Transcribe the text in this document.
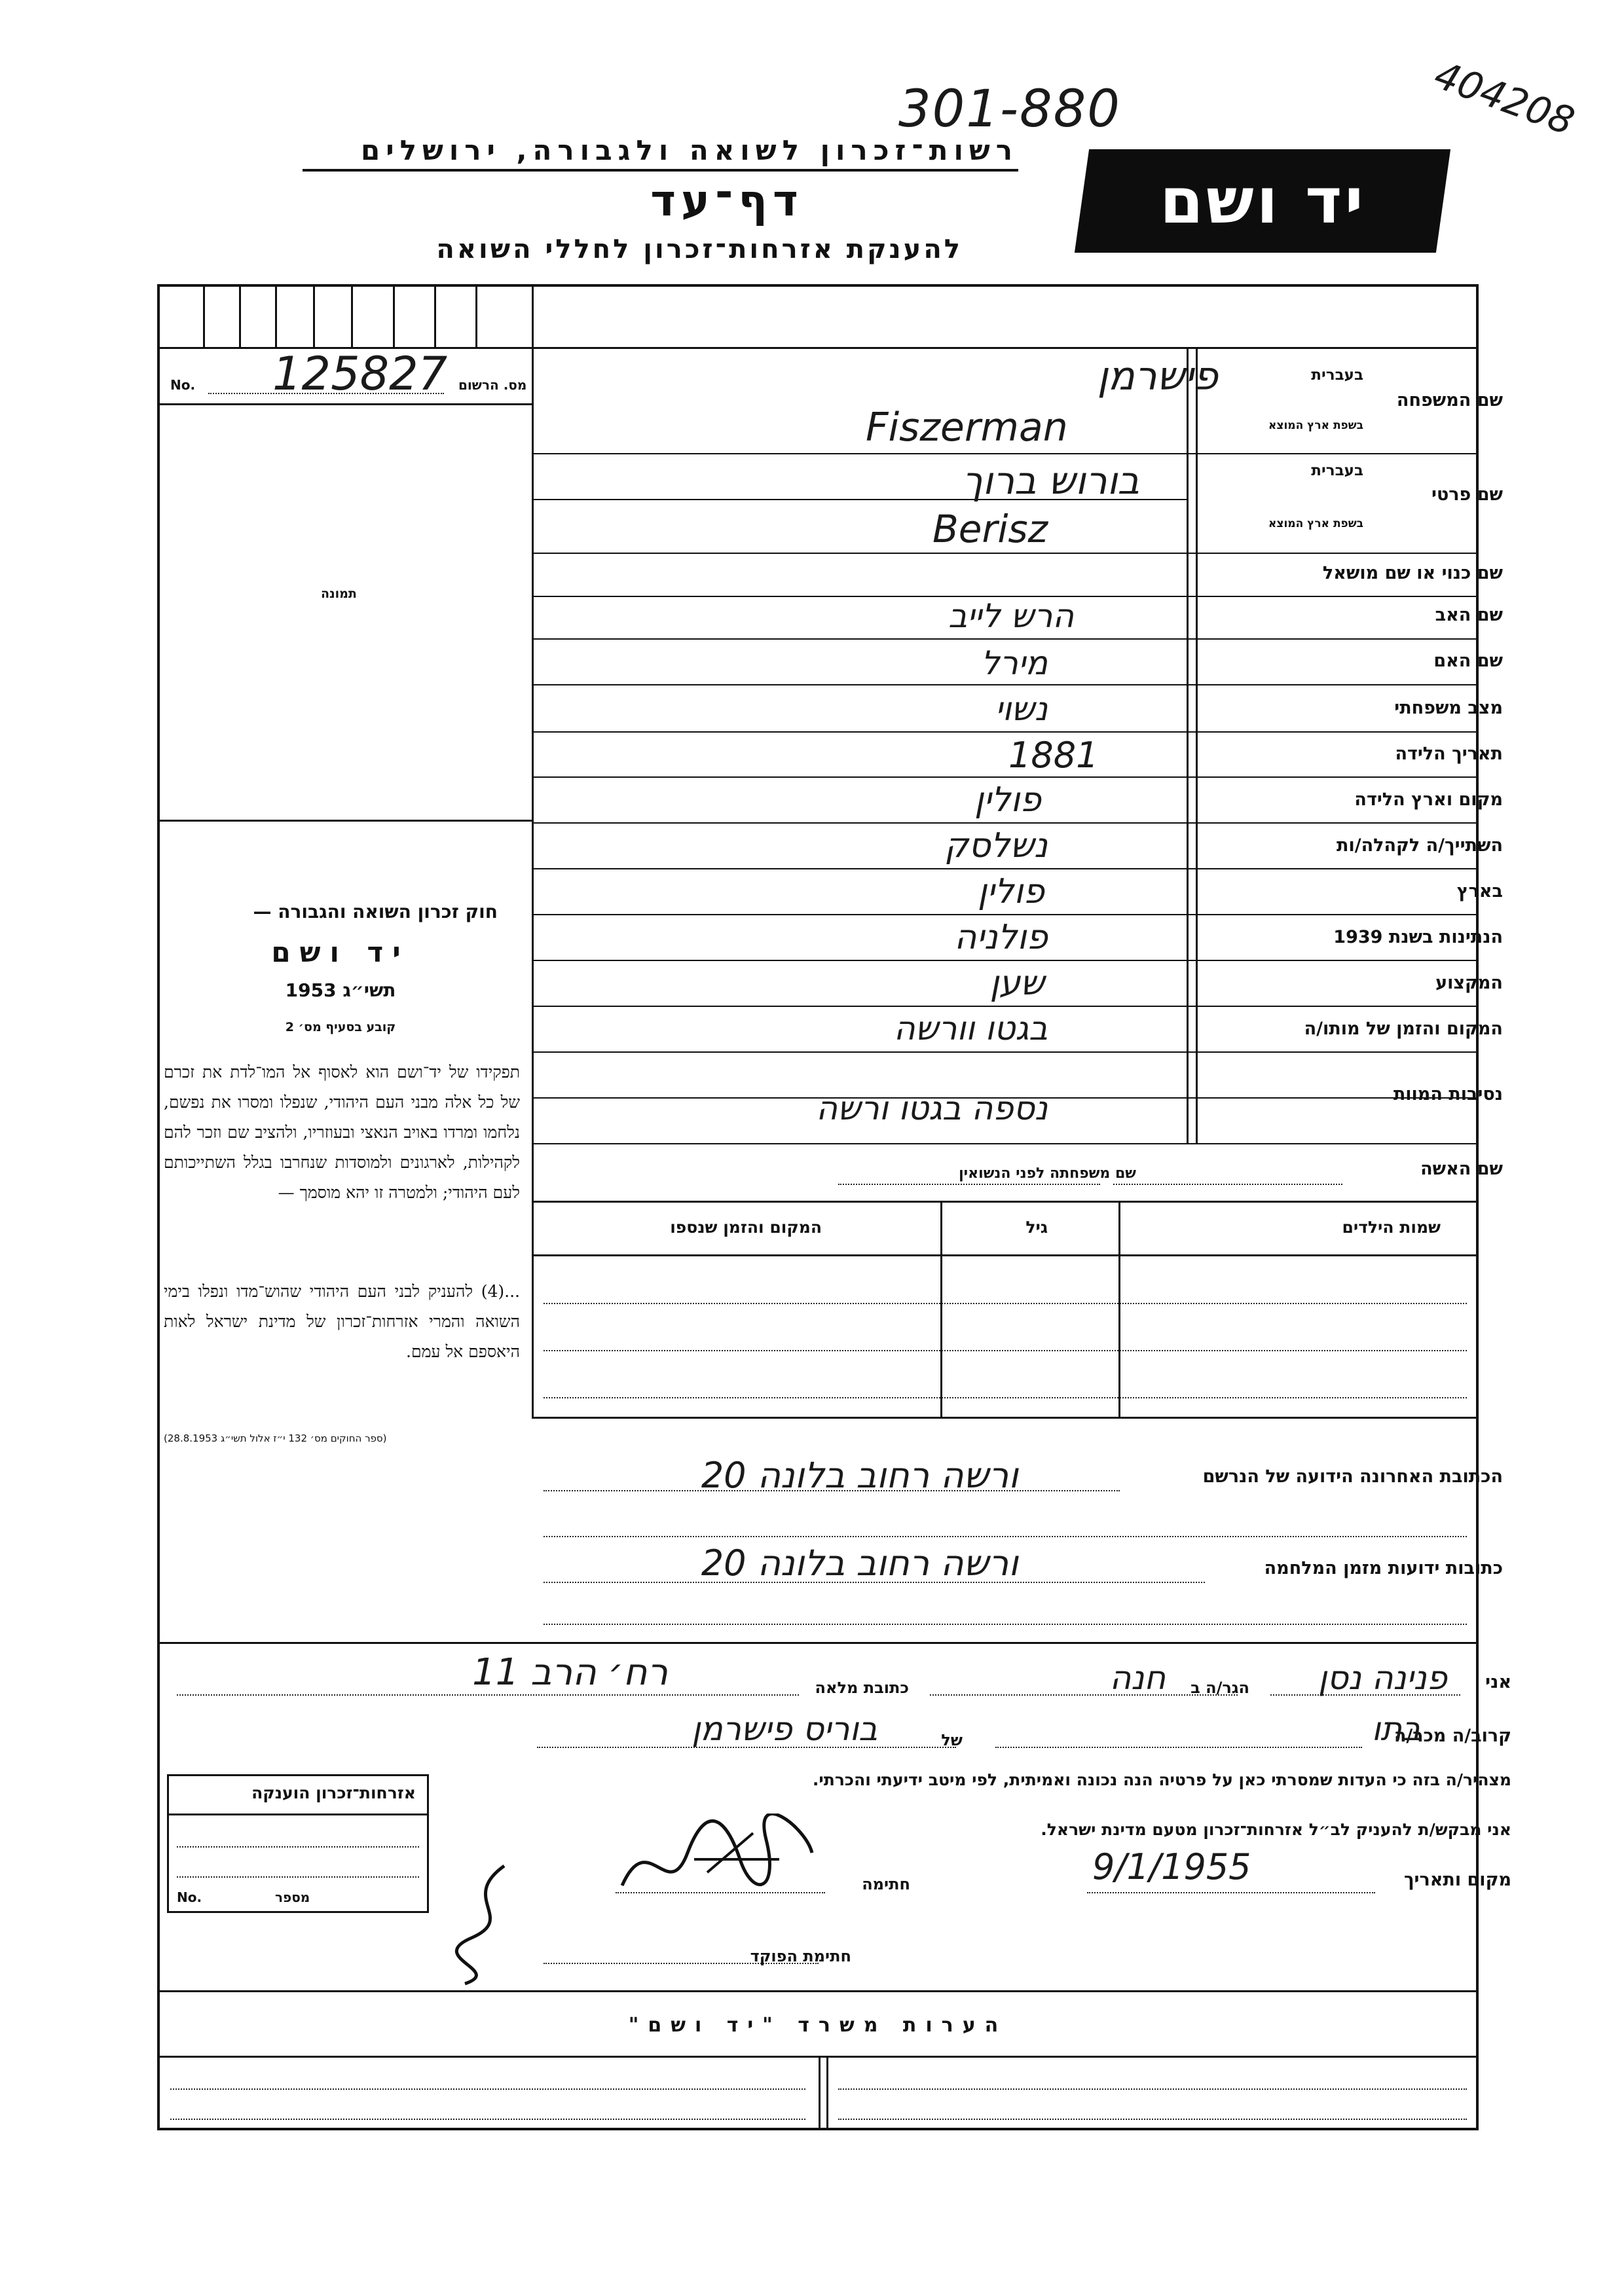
301-880	404208
רשות־זכרון לשואה ולגבורה, ירושלים
דף־עד
להענקת אזרחות־זכרון לחללי השואה
יד ושם
מס. הרשום
No. 125827
תמונה
חוק זכרון השואה והגבורה —
יד ושם
תשי״ג 1953
קובע בסעיף מס׳ 2
תפקידו של יד־ושם הוא לאסוף אל המו־לדת את זכרם של כל אלה מבני העם היהודי, שנפלו ומסרו את נפשם, נלחמו ומרדו באויב הנאצי ובעוזריו, ולהציב שם וזכר להם לקהילות, לארגונים ולמוסדות שנחרבו בגלל השתייכותם לעם היהודי; ולמטרה זו יהא מוסמך —
...(4) להעניק לבני העם היהודי שהוש־מדו ונפלו בימי השואה והמרי אזרחות־זכרון של מדינת ישראל לאות היאספם אל עמם.
(ספר החוקים מס׳ 132 י״ז אלול תשי״ג 28.8.1953)
שם המשפחה
בעברית
בשפת ארץ המוצא
פישרמן
Fiszerman
שם פרטי
בעברית
בשפת ארץ המוצא
בורוש ברוך
Berisz
שם כנוי או שם מושאל
שם האב
הרש לייב
שם האם
מירל
מצב משפחתי
נשוי
תאריך הלידה
1881
מקום וארץ הלידה
פולין
השתייך/ה לקהלה/ות
נשלסק
בארץ
פולין
הנתינות בשנת 1939
פולניה
המקצוע
שען
המקום והזמן של מותו/ה
בגטו וורשה
נסיבות המוות
נספה בגטו ורשה
שם האשה
שם משפחתה לפני הנשואין
שמות הילדים
גיל
המקום והזמן שנספו
הכתובת האחרונה הידועה של הנרשם
ורשה רחוב בלונה 20
כתובות ידועות מזמן המלחמה
ורשה רחוב בלונה 20
אני
פנינה נסן
הגר/ה ב
חנה
כתובת מלאה
רח׳ הרב 11
קרוב/ה מכר/ה
בתו
של
בוריס פישרמן
מצהיר/ה בזה כי העדות שמסרתי כאן על פרטיה הנה נכונה ואמיתית, לפי מיטב ידיעתי והכרתי.
אני מבקש/ת להעניק לב״ל אזרחות־זכרון מטעם מדינת ישראל.
מקום ותאריך
9/1/1955
חתימה
חתימת הפוקד
אזרחות־זכרון הוענקה
No.	מספר
הערות משרד "יד ושם"
